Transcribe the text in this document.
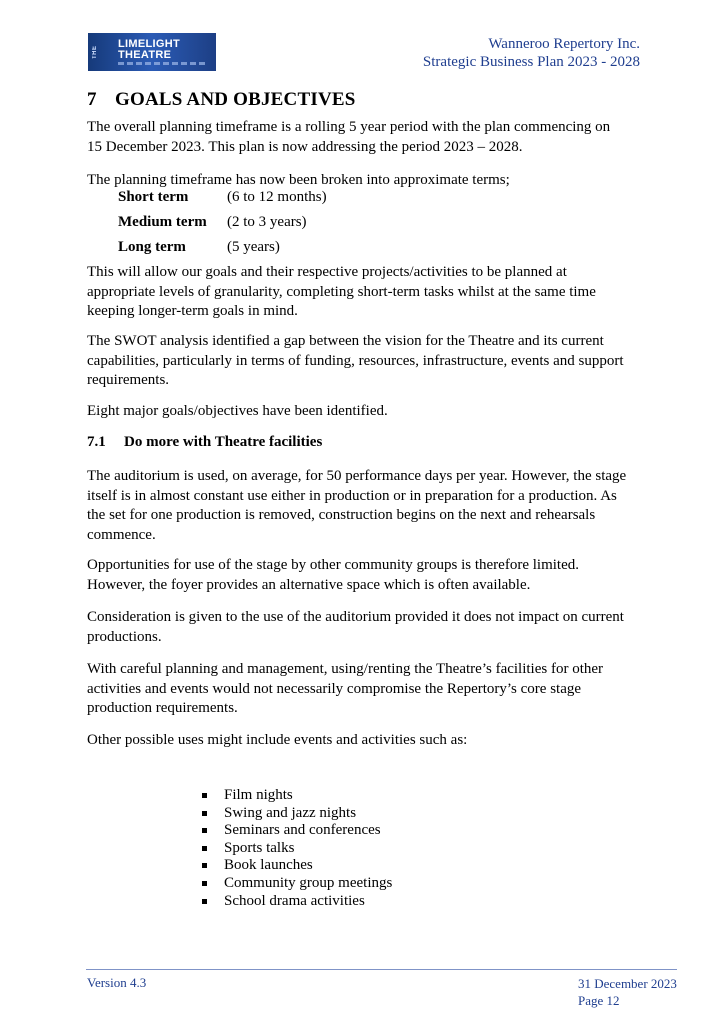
THE
LIMELIGHT
THEATRE
Wanneroo Repertory Inc.
Strategic Business Plan 2023 - 2028
7 GOALS AND OBJECTIVES

The overall planning timeframe is a rolling 5 year period with the plan commencing on 15 December 2023. This plan is now addressing the period 2023 – 2028.

The planning timeframe has now been broken into approximate terms;

Short term	(6 to 12 months)
Medium term (2 to 3 years)
Long term	(5 years)

This will allow our goals and their respective projects/activities to be planned at appropriate levels of granularity, completing short-term tasks whilst at the same time keeping longer-term goals in mind.

The SWOT analysis identified a gap between the vision for the Theatre and its current capabilities, particularly in terms of funding, resources, infrastructure, events and support requirements.

Eight major goals/objectives have been identified.

7.1 Do more with Theatre facilities

The auditorium is used, on average, for 50 performance days per year. However, the stage itself is in almost constant use either in production or in preparation for a production. As the set for one production is removed, construction begins on the next and rehearsals commence.

Opportunities for use of the stage by other community groups is therefore limited. However, the foyer provides an alternative space which is often available.

Consideration is given to the use of the auditorium provided it does not impact on current productions.

With careful planning and management, using/renting the Theatre’s facilities for other activities and events would not necessarily compromise the Repertory’s core stage production requirements.

Other possible uses might include events and activities such as:

Film nights
Swing and jazz nights
Seminars and conferences
Sports talks
Book launches
Community group meetings
School drama activities
Version 4.3	31 December 2023
Page 12
